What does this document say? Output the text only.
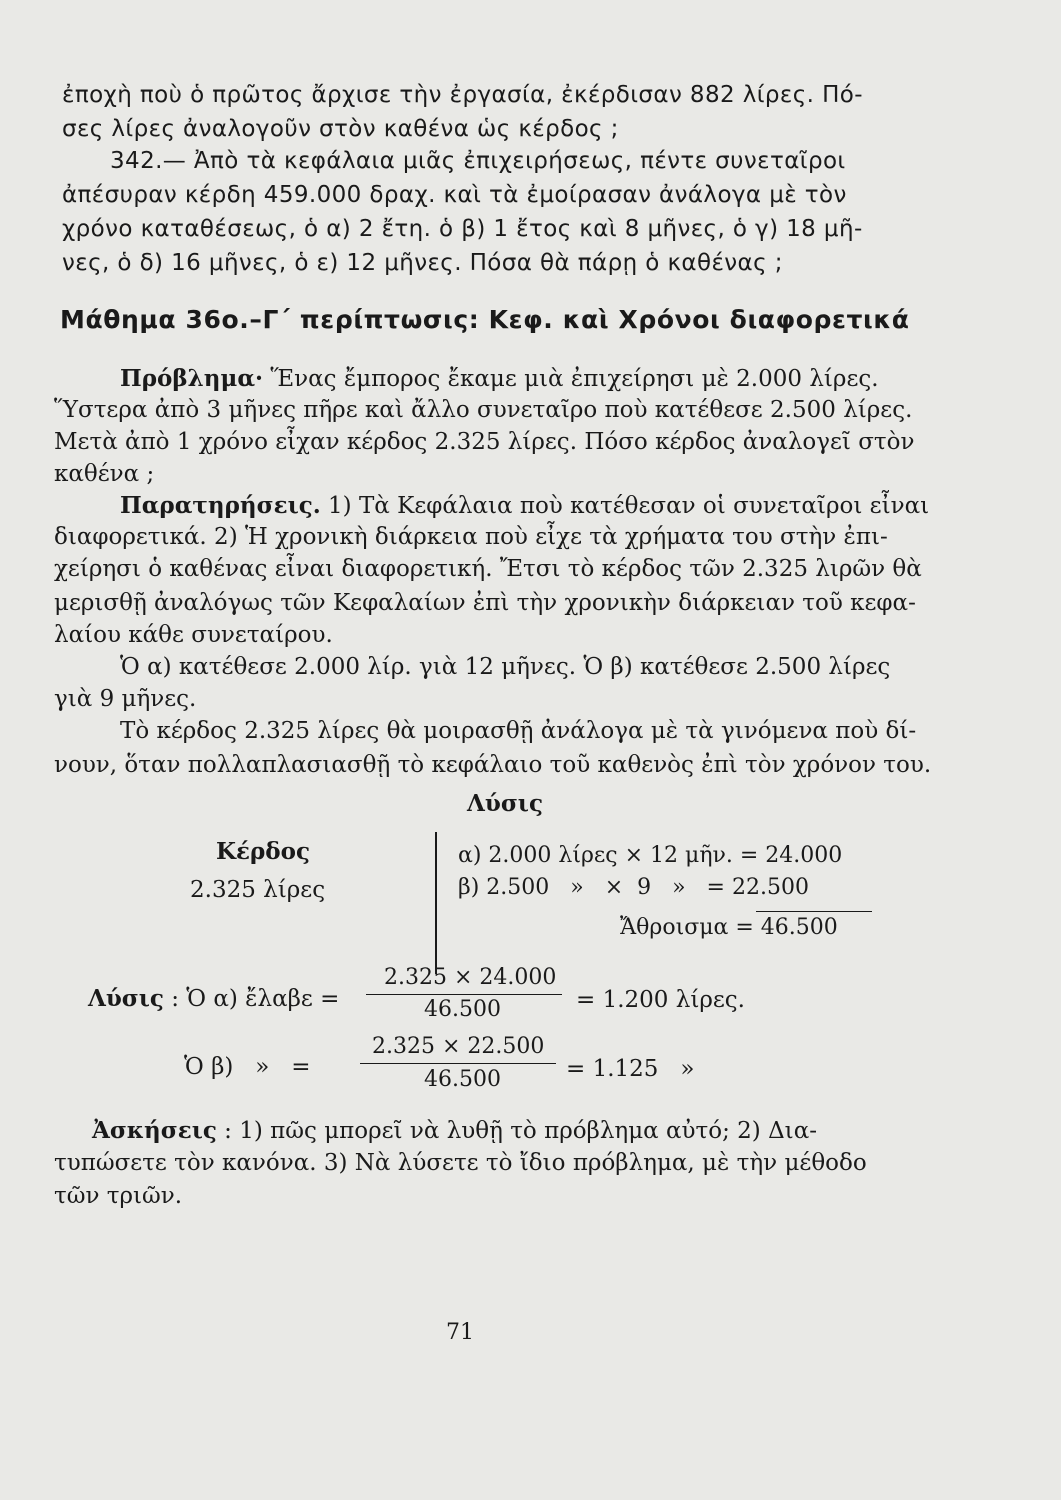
ἐποχὴ ποὺ ὁ πρῶτος ἄρχισε τὴν ἐργασία, ἐκέρδισαν 882 λίρες. Πό-
σες λίρες ἀναλογοῦν στὸν καθένα ὡς κέρδος ;
342.— Ἀπὸ τὰ κεφάλαια μιᾶς ἐπιχειρήσεως, πέντε συνεταῖροι
ἀπέσυραν κέρδη 459.000 δραχ. καὶ τὰ ἐμοίρασαν ἀνάλογα μὲ τὸν
χρόνο καταθέσεως, ὁ α) 2 ἔτη. ὁ β) 1 ἔτος καὶ 8 μῆνες, ὁ γ) 18 μῆ-
νες, ὁ δ) 16 μῆνες, ὁ ε) 12 μῆνες. Πόσα θὰ πάρῃ ὁ καθένας ;
Μάθημα 36ο.–Γ΄ περίπτωσις: Κεφ. καὶ Χρόνοι διαφορετικά
Πρόβλημα· Ἕνας ἔμπορος ἔκαμε μιὰ ἐπιχείρησι μὲ 2.000 λίρες.
Ὕστερα ἀπὸ 3 μῆνες πῆρε καὶ ἄλλο συνεταῖρο ποὺ κατέθεσε 2.500 λίρες.
Μετὰ ἀπὸ 1 χρόνο εἶχαν κέρδος 2.325 λίρες. Πόσο κέρδος ἀναλογεῖ στὸν
καθένα ;
Παρατηρήσεις. 1) Τὰ Κεφάλαια ποὺ κατέθεσαν οἱ συνεταῖροι εἶναι
διαφορετικά. 2) Ἡ χρονικὴ διάρκεια ποὺ εἶχε τὰ χρήματα του στὴν ἐπι-
χείρησι ὁ καθένας εἶναι διαφορετική. Ἔτσι τὸ κέρδος τῶν 2.325 λιρῶν θὰ
μερισθῇ ἀναλόγως τῶν Κεφαλαίων ἐπὶ τὴν χρονικὴν διάρκειαν τοῦ κεφα-
λαίου κάθε συνεταίρου.
Ὁ α) κατέθεσε 2.000 λίρ. γιὰ 12 μῆνες. Ὁ β) κατέθεσε 2.500 λίρες
γιὰ 9 μῆνες.
Τὸ κέρδος 2.325 λίρες θὰ μοιρασθῇ ἀνάλογα μὲ τὰ γινόμενα ποὺ δί-
νουν, ὅταν πολλαπλασιασθῇ τὸ κεφάλαιο τοῦ καθενὸς ἐπὶ τὸν χρόνον του.
Λύσις
Κέρδος
2.325 λίρες
α) 2.000 λίρες × 12 μῆν. = 24.000
β) 2.500   »   ×  9   »   = 22.500
Ἄθροισμα = 46.500
Λύσις : Ὁ α) ἔλαβε =
2.325 × 24.000
46.500	= 1.200 λίρες.
Ὁ β)   »   =
2.325 × 22.500
46.500	= 1.125   »
Ἀσκήσεις : 1) πῶς μπορεῖ νὰ λυθῇ τὸ πρόβλημα αὐτό; 2) Δια-
τυπώσετε τὸν κανόνα. 3) Νὰ λύσετε τὸ ἴδιο πρόβλημα, μὲ τὴν μέθοδο
τῶν τριῶν.
71
